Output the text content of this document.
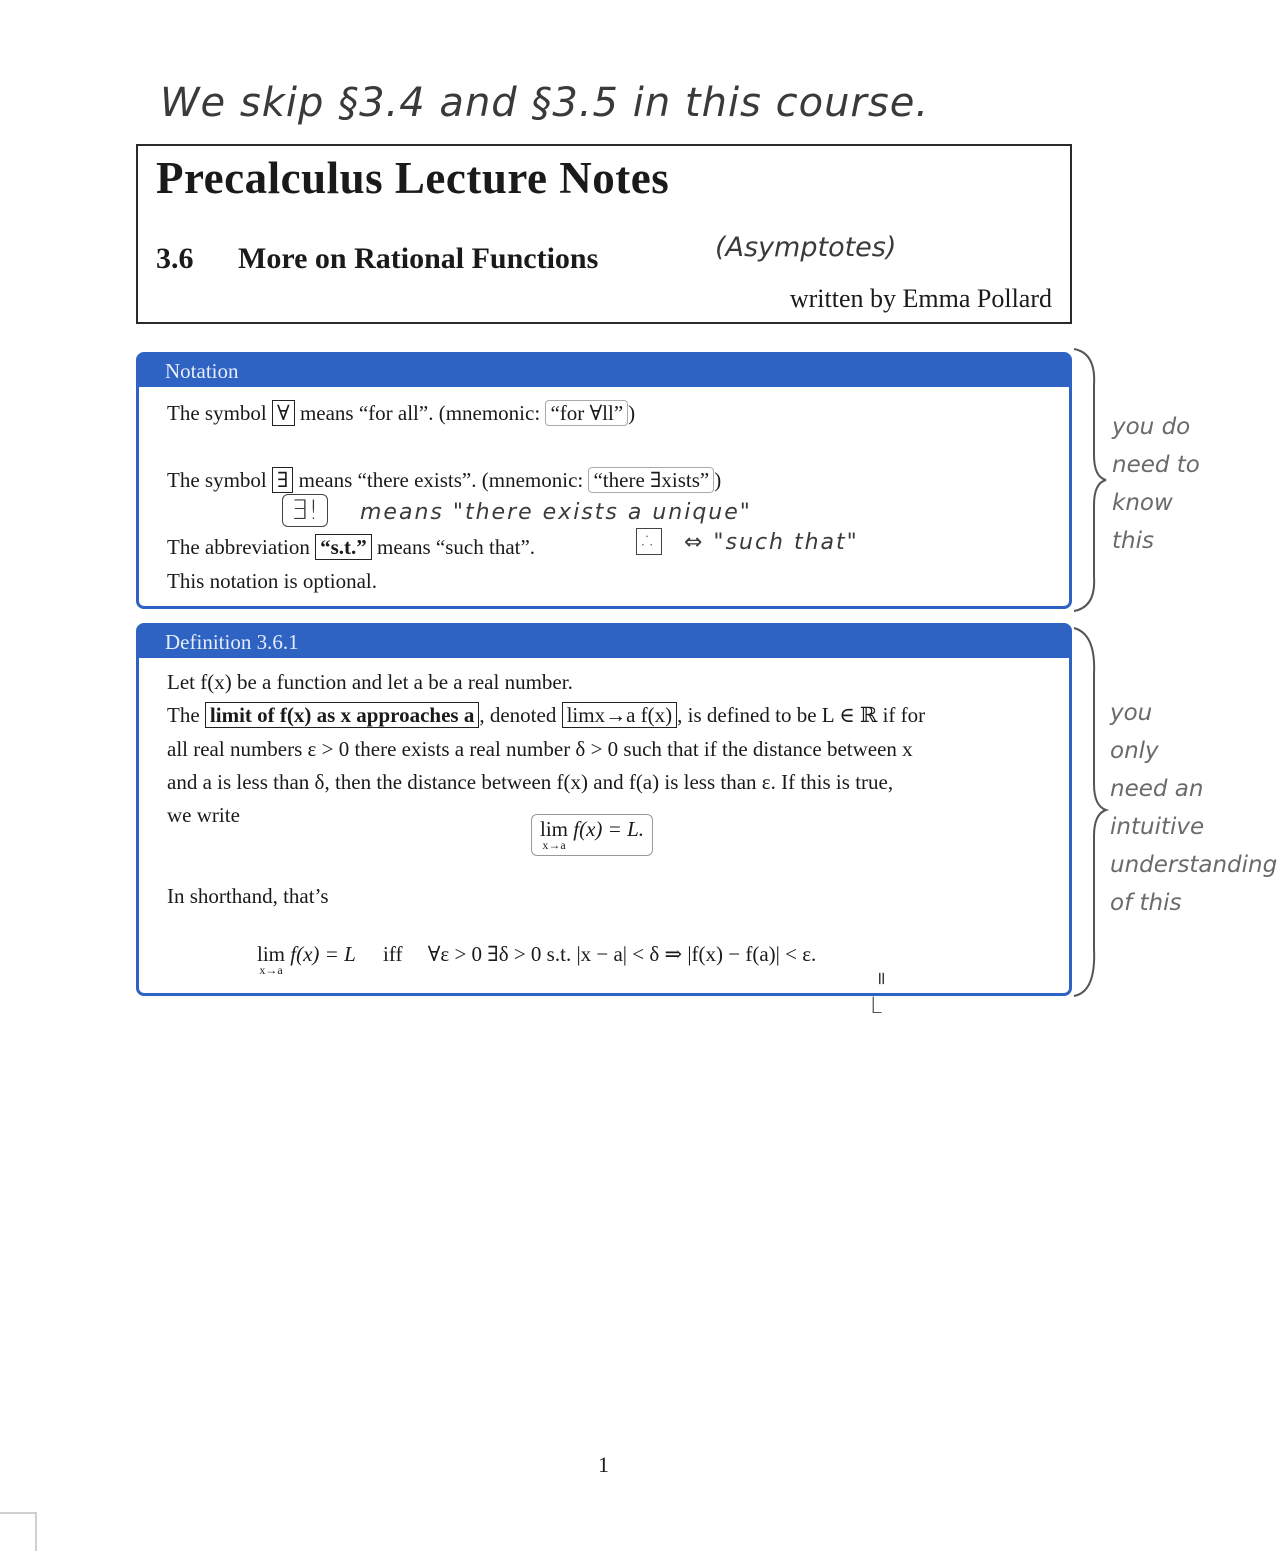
We skip §3.4 and §3.5 in this course.
Precalculus Lecture Notes
3.6 More on Rational Functions
written by Emma Pollard
(Asymptotes)
Notation

The symbol ∀ means “for all”. (mnemonic: “for ∀ll” )

The symbol ∃ means “there exists”. (mnemonic: “there ∃xists” )

The abbreviation “s.t.” means “such that”.

This notation is optional.

∃!	means "there exists a unique"
∴ ⇔ "such that"
Definition 3.6.1

Let f(x) be a function and let a be a real number.

The limit of f(x) as x approaches a , denoted limx→a f(x) , is defined to be L ∈ ℝ if for

all real numbers ε > 0 there exists a real number δ > 0 such that if the distance between x

and a is less than δ, then the distance between f(x) and f(a) is less than ε. If this is true,

we write

lim
x→a
f(x) = L.

In shorthand, that’s

lim
x→a
f(x) = L iff ∀ε > 0 ∃δ > 0 s.t. |x − a| < δ ⇒ |f(x) − f(a)| < ε.
=
L
you do need to know this
you only need an intuitive understanding of this
1
